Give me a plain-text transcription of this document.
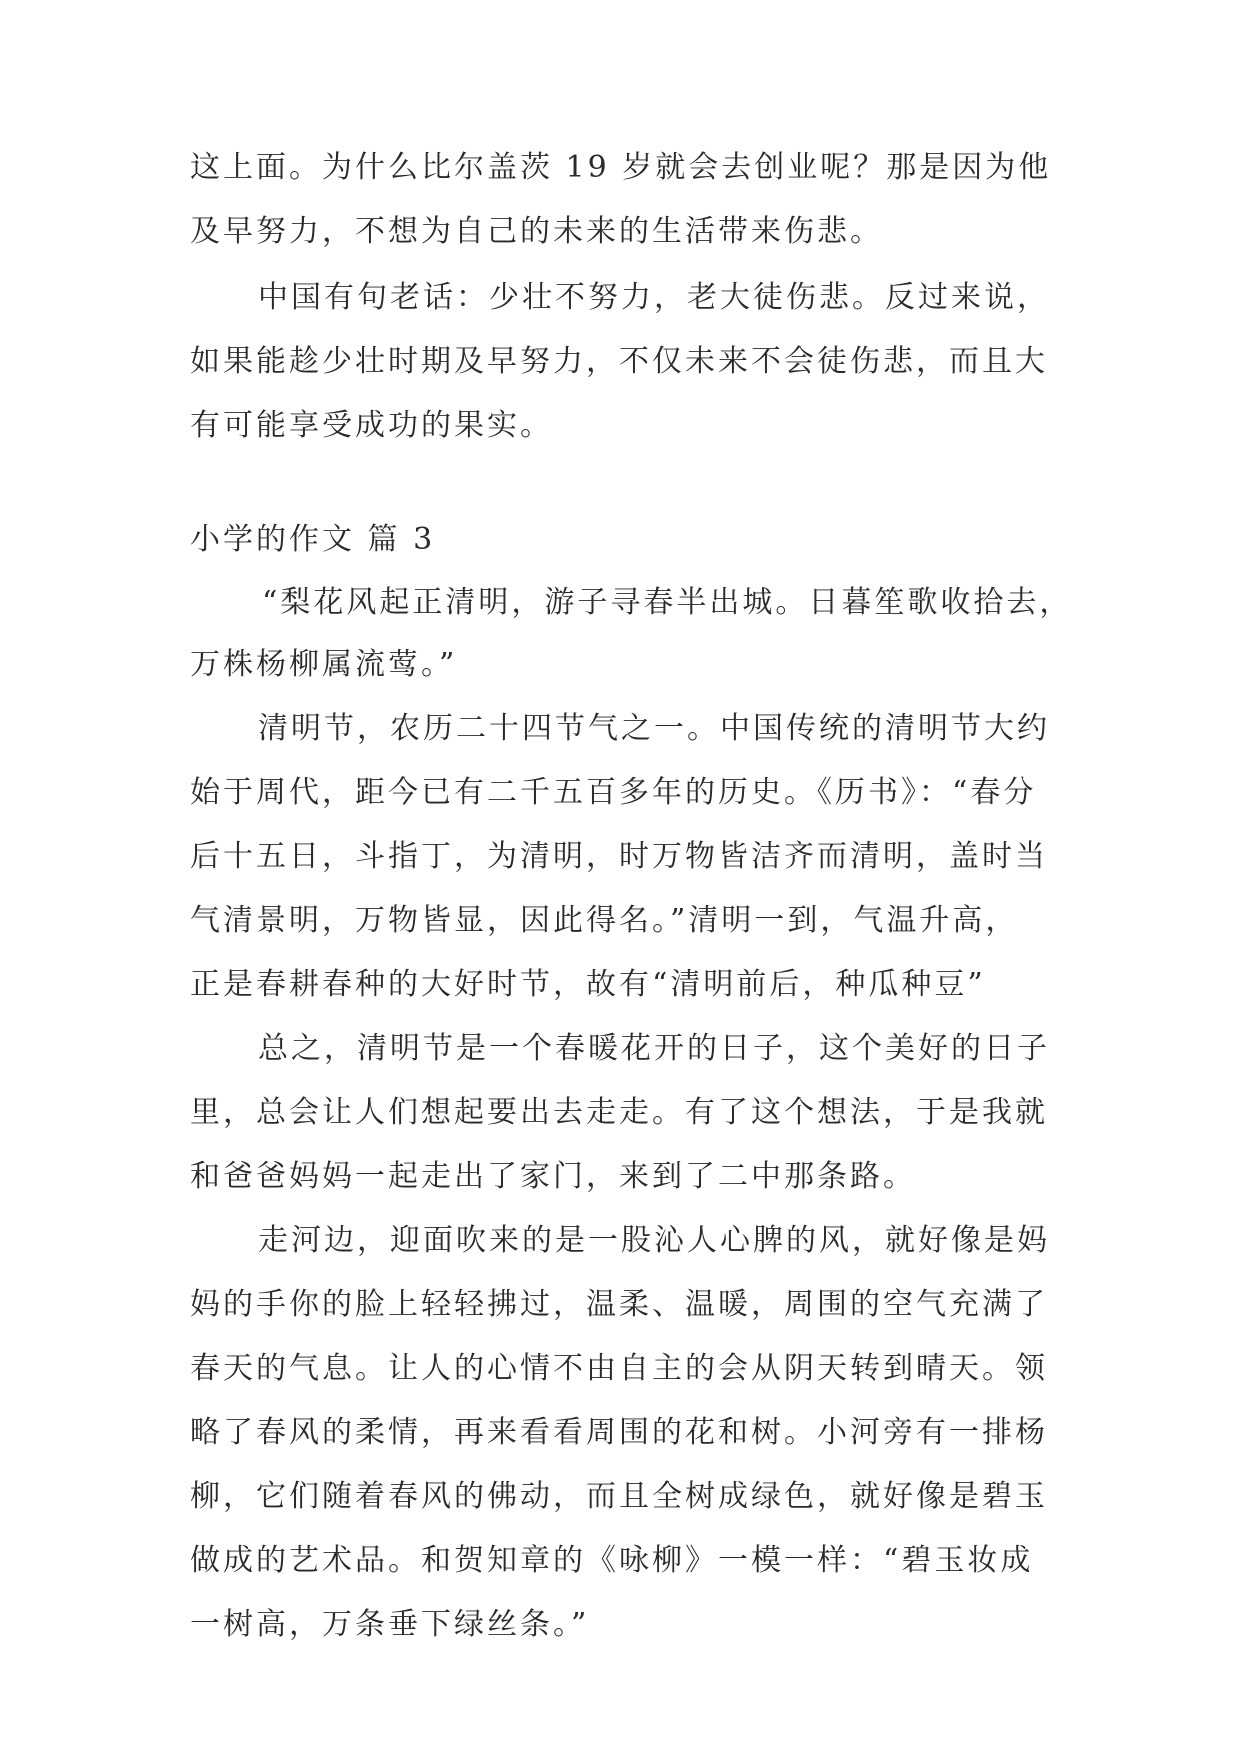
这上面。为什么比尔盖茨 19 岁就会去创业呢？那是因为他
及早努力，不想为自己的未来的生活带来伤悲。
中国有句老话：少壮不努力，老大徒伤悲。反过来说，
如果能趁少壮时期及早努力，不仅未来不会徒伤悲，而且大
有可能享受成功的果实。
小学的作文 篇 3
“梨花风起正清明，游子寻春半出城。日暮笙歌收拾去，
万株杨柳属流莺。”
清明节，农历二十四节气之一。中国传统的清明节大约
始于周代，距今已有二千五百多年的历史。《历书》：“春分
后十五日，斗指丁，为清明，时万物皆洁齐而清明，盖时当
气清景明，万物皆显，因此得名。”清明一到，气温升高，
正是春耕春种的大好时节，故有“清明前后，种瓜种豆”
总之，清明节是一个春暖花开的日子，这个美好的日子
里，总会让人们想起要出去走走。有了这个想法，于是我就
和爸爸妈妈一起走出了家门，来到了二中那条路。
走河边，迎面吹来的是一股沁人心脾的风，就好像是妈
妈的手你的脸上轻轻拂过，温柔、温暖，周围的空气充满了
春天的气息。让人的心情不由自主的会从阴天转到晴天。领
略了春风的柔情，再来看看周围的花和树。小河旁有一排杨
柳，它们随着春风的佛动，而且全树成绿色，就好像是碧玉
做成的艺术品。和贺知章的《咏柳》一模一样：“碧玉妆成
一树高，万条垂下绿丝条。”
